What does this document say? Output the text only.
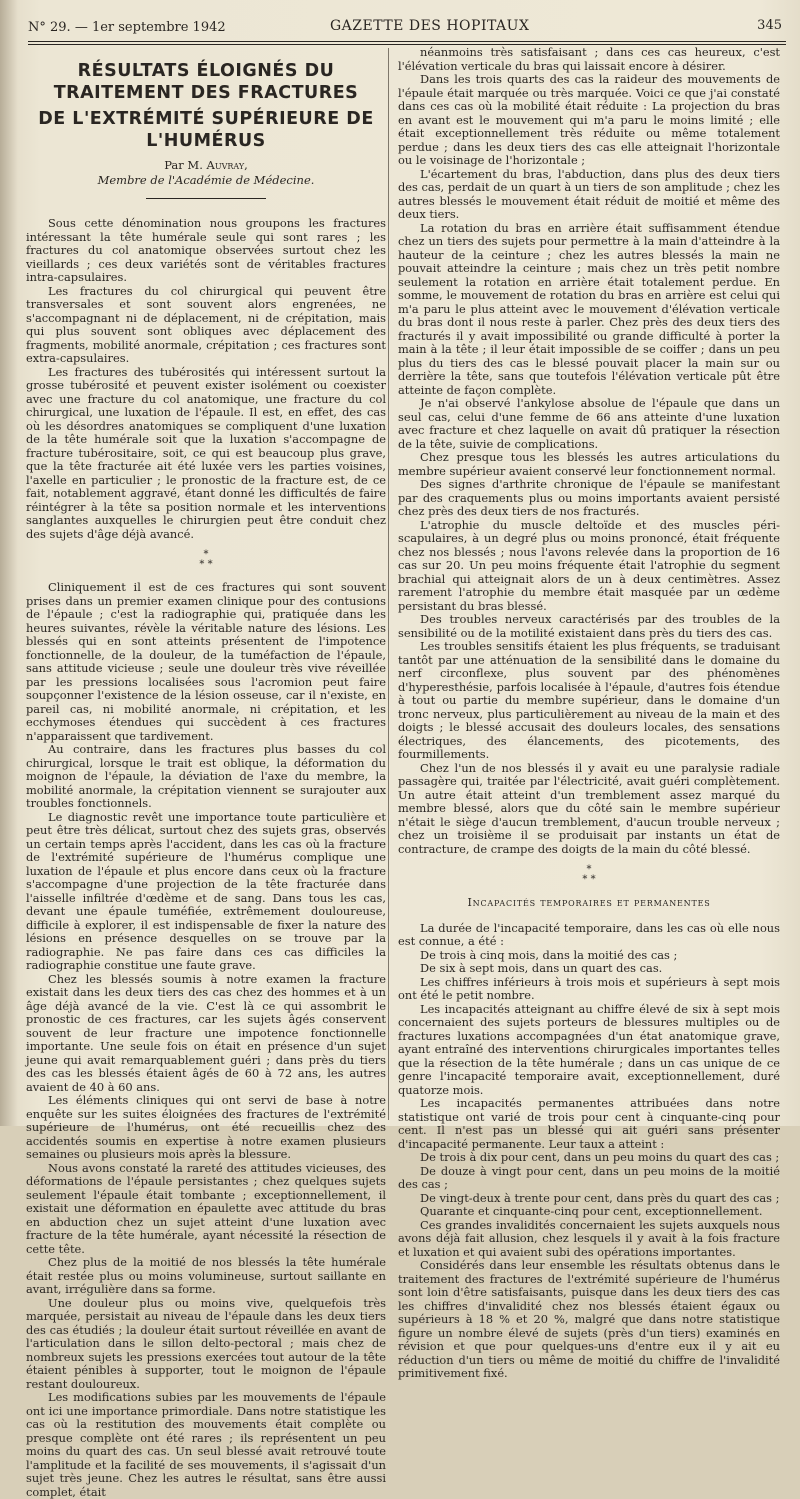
N° 29. — 1er septembre 1942	GAZETTE DES HOPITAUX	345
RÉSULTATS ÉLOIGNÉS DU TRAITEMENT DES FRACTURES
DE L'EXTRÉMITÉ SUPÉRIEURE DE L'HUMÉRUS
Par M. Auvray,
Membre de l'Académie de Médecine.

Sous cette dénomination nous groupons les fractures intéressant la tête humérale seule qui sont rares ; les fractures du col anatomique observées surtout chez les vieillards ; ces deux variétés sont de véritables fractures intra-capsulaires.

Les fractures du col chirurgical qui peuvent être transversales et sont souvent alors engrenées, ne s'accompagnant ni de déplacement, ni de crépitation, mais qui plus souvent sont obliques avec déplacement des fragments, mobilité anormale, crépitation ; ces fractures sont extra-capsulaires.

Les fractures des tubérosités qui intéressent surtout la grosse tubérosité et peuvent exister isolément ou coexister avec une fracture du col anatomique, une fracture du col chirurgical, une luxation de l'épaule. Il est, en effet, des cas où les désordres anatomiques se compliquent d'une luxation de la tête humérale soit que la luxation s'accompagne de fracture tubérositaire, soit, ce qui est beaucoup plus grave, que la tête fracturée ait été luxée vers les parties voisines, l'axelle en particulier ; le pronostic de la fracture est, de ce fait, notablement aggravé, étant donné les difficultés de faire réintégrer à la tête sa position normale et les interventions sanglantes auxquelles le chirurgien peut être conduit chez des sujets d'âge déjà avancé.

*
* *

Cliniquement il est de ces fractures qui sont souvent prises dans un premier examen clinique pour des contusions de l'épaule ; c'est la radiographie qui, pratiquée dans les heures suivantes, révèle la véritable nature des lésions. Les blessés qui en sont atteints présentent de l'impotence fonctionnelle, de la douleur, de la tuméfaction de l'épaule, sans attitude vicieuse ; seule une douleur très vive réveillée par les pressions localisées sous l'acromion peut faire soupçonner l'existence de la lésion osseuse, car il n'existe, en pareil cas, ni mobilité anormale, ni crépitation, et les ecchymoses étendues qui succèdent à ces fractures n'apparaissent que tardivement.

Au contraire, dans les fractures plus basses du col chirurgical, lorsque le trait est oblique, la déformation du moignon de l'épaule, la déviation de l'axe du membre, la mobilité anormale, la crépitation viennent se surajouter aux troubles fonctionnels.

Le diagnostic revêt une importance toute particulière et peut être très délicat, surtout chez des sujets gras, observés un certain temps après l'accident, dans les cas où la fracture de l'extrémité supérieure de l'humérus complique une luxation de l'épaule et plus encore dans ceux où la fracture s'accompagne d'une projection de la tête fracturée dans l'aisselle infiltrée d'œdème et de sang. Dans tous les cas, devant une épaule tuméfiée, extrêmement douloureuse, difficile à explorer, il est indispensable de fixer la nature des lésions en présence desquelles on se trouve par la radiographie. Ne pas faire dans ces cas difficiles la radiographie constitue une faute grave.

Chez les blessés soumis à notre examen la fracture existait dans les deux tiers des cas chez des hommes et à un âge déjà avancé de la vie. C'est là ce qui assombrit le pronostic de ces fractures, car les sujets âgés conservent souvent de leur fracture une impotence fonctionnelle importante. Une seule fois on était en présence d'un sujet jeune qui avait remarquablement guéri ; dans près du tiers des cas les blessés étaient âgés de 60 à 72 ans, les autres avaient de 40 à 60 ans.

Les éléments cliniques qui ont servi de base à notre enquête sur les suites éloignées des fractures de l'extrémité supérieure de l'humérus, ont été recueillis chez des accidentés soumis en expertise à notre examen plusieurs semaines ou plusieurs mois après la blessure.

Nous avons constaté la rareté des attitudes vicieuses, des déformations de l'épaule persistantes ; chez quelques sujets seulement l'épaule était tombante ; exceptionnellement, il existait une déformation en épaulette avec attitude du bras en abduction chez un sujet atteint d'une luxation avec fracture de la tête humérale, ayant nécessité la résection de cette tête.

Chez plus de la moitié de nos blessés la tête humérale était restée plus ou moins volumineuse, surtout saillante en avant, irrégulière dans sa forme.

Une douleur plus ou moins vive, quelquefois très marquée, persistait au niveau de l'épaule dans les deux tiers des cas étudiés ; la douleur était surtout réveillée en avant de l'articulation dans le sillon delto-pectoral ; mais chez de nombreux sujets les pressions exercées tout autour de la tête étaient pénibles à supporter, tout le moignon de l'épaule restant douloureux.

Les modifications subies par les mouvements de l'épaule ont ici une importance primordiale. Dans notre statistique les cas où la restitution des mouvements était complète ou presque complète ont été rares ; ils représentent un peu moins du quart des cas. Un seul blessé avait retrouvé toute l'amplitude et la facilité de ses mouvements, il s'agissait d'un sujet très jeune. Chez les autres le résultat, sans être aussi complet, était

néanmoins très satisfaisant ; dans ces cas heureux, c'est l'élévation verticale du bras qui laissait encore à désirer.

Dans les trois quarts des cas la raideur des mouvements de l'épaule était marquée ou très marquée. Voici ce que j'ai constaté dans ces cas où la mobilité était réduite : La projection du bras en avant est le mouvement qui m'a paru le moins limité ; elle était exceptionnellement très réduite ou même totalement perdue ; dans les deux tiers des cas elle atteignait l'horizontale ou le voisinage de l'horizontale ;

L'écartement du bras, l'abduction, dans plus des deux tiers des cas, perdait de un quart à un tiers de son amplitude ; chez les autres blessés le mouvement était réduit de moitié et même des deux tiers.

La rotation du bras en arrière était suffisamment étendue chez un tiers des sujets pour permettre à la main d'atteindre à la hauteur de la ceinture ; chez les autres blessés la main ne pouvait atteindre la ceinture ; mais chez un très petit nombre seulement la rotation en arrière était totalement perdue. En somme, le mouvement de rotation du bras en arrière est celui qui m'a paru le plus atteint avec le mouvement d'élévation verticale du bras dont il nous reste à parler. Chez près des deux tiers des fracturés il y avait impossibilité ou grande difficulté à porter la main à la tête ; il leur était impossible de se coiffer ; dans un peu plus du tiers des cas le blessé pouvait placer la main sur ou derrière la tête, sans que toutefois l'élévation verticale pût être atteinte de façon complète.

Je n'ai observé l'ankylose absolue de l'épaule que dans un seul cas, celui d'une femme de 66 ans atteinte d'une luxation avec fracture et chez laquelle on avait dû pratiquer la résection de la tête, suivie de complications.

Chez presque tous les blessés les autres articulations du membre supérieur avaient conservé leur fonctionnement normal.

Des signes d'arthrite chronique de l'épaule se manifestant par des craquements plus ou moins importants avaient persisté chez près des deux tiers de nos fracturés.

L'atrophie du muscle deltoïde et des muscles péri-scapulaires, à un degré plus ou moins prononcé, était fréquente chez nos blessés ; nous l'avons relevée dans la proportion de 16 cas sur 20. Un peu moins fréquente était l'atrophie du segment brachial qui atteignait alors de un à deux centimètres. Assez rarement l'atrophie du membre était masquée par un œdème persistant du bras blessé.

Des troubles nerveux caractérisés par des troubles de la sensibilité ou de la motilité existaient dans près du tiers des cas.

Les troubles sensitifs étaient les plus fréquents, se traduisant tantôt par une atténuation de la sensibilité dans le domaine du nerf circonflexe, plus souvent par des phénomènes d'hyperesthésie, parfois localisée à l'épaule, d'autres fois étendue à tout ou partie du membre supérieur, dans le domaine d'un tronc nerveux, plus particulièrement au niveau de la main et des doigts ; le blessé accusait des douleurs locales, des sensations électriques, des élancements, des picotements, des fourmillements.

Chez l'un de nos blessés il y avait eu une paralysie radiale passagère qui, traitée par l'électricité, avait guéri complètement. Un autre était atteint d'un tremblement assez marqué du membre blessé, alors que du côté sain le membre supérieur n'était le siège d'aucun tremblement, d'aucun trouble nerveux ; chez un troisième il se produisait par instants un état de contracture, de crampe des doigts de la main du côté blessé.

*
* *
Incapacités temporaires et permanentes

La durée de l'incapacité temporaire, dans les cas où elle nous est connue, a été :

De trois à cinq mois, dans la moitié des cas ;

De six à sept mois, dans un quart des cas.

Les chiffres inférieurs à trois mois et supérieurs à sept mois ont été le petit nombre.

Les incapacités atteignant au chiffre élevé de six à sept mois concernaient des sujets porteurs de blessures multiples ou de fractures luxations accompagnées d'un état anatomique grave, ayant entraîné des interventions chirurgicales importantes telles que la résection de la tête humérale ; dans un cas unique de ce genre l'incapacité temporaire avait, exceptionnellement, duré quatorze mois.

Les incapacités permanentes attribuées dans notre statistique ont varié de trois pour cent à cinquante-cinq pour cent. Il n'est pas un blessé qui ait guéri sans présenter d'incapacité permanente. Leur taux a atteint :

De trois à dix pour cent, dans un peu moins du quart des cas ;

De douze à vingt pour cent, dans un peu moins de la moitié des cas ;

De vingt-deux à trente pour cent, dans près du quart des cas ;

Quarante et cinquante-cinq pour cent, exceptionnellement.

Ces grandes invalidités concernaient les sujets auxquels nous avons déjà fait allusion, chez lesquels il y avait à la fois fracture et luxation et qui avaient subi des opérations importantes.

Considérés dans leur ensemble les résultats obtenus dans le traitement des fractures de l'extrémité supérieure de l'humérus sont loin d'être satisfaisants, puisque dans les deux tiers des cas les chiffres d'invalidité chez nos blessés étaient égaux ou supérieurs à 18 % et 20 %, malgré que dans notre statistique figure un nombre élevé de sujets (près d'un tiers) examinés en révision et que pour quelques-uns d'entre eux il y ait eu réduction d'un tiers ou même de moitié du chiffre de l'invalidité primitivement fixé.
